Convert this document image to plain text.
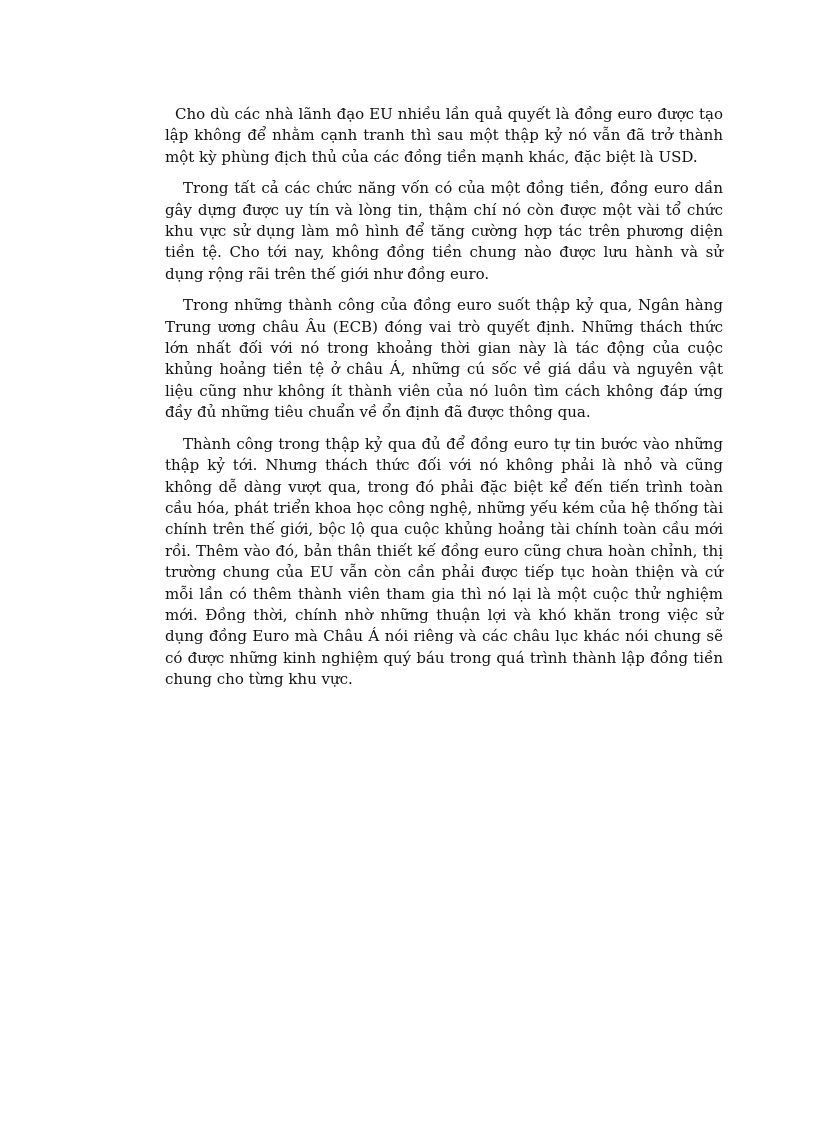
Cho dù các nhà lãnh đạo EU nhiều lần quả quyết là đồng euro được tạo lập không để nhằm cạnh tranh thì sau một thập kỷ nó vẫn đã trở thành một kỳ phùng địch thủ của các đồng tiền mạnh khác, đặc biệt là USD.

Trong tất cả các chức năng vốn có của một đồng tiền, đồng euro dần gây dựng được uy tín và lòng tin, thậm chí nó còn được một vài tổ chức khu vực sử dụng làm mô hình để tăng cường hợp tác trên phương diện tiền tệ. Cho tới nay, không đồng tiền chung nào được lưu hành và sử dụng rộng rãi trên thế giới như đồng euro.

Trong những thành công của đồng euro suốt thập kỷ qua, Ngân hàng Trung ương châu Âu (ECB) đóng vai trò quyết định. Những thách thức lớn nhất đối với nó trong khoảng thời gian này là tác động của cuộc khủng hoảng tiền tệ ở châu Á, những cú sốc về giá dầu và nguyên vật liệu cũng như không ít thành viên của nó luôn tìm cách không đáp ứng đầy đủ những tiêu chuẩn về ổn định đã được thông qua.

Thành công trong thập kỷ qua đủ để đồng euro tự tin bước vào những thập kỷ tới. Nhưng thách thức đối với nó không phải là nhỏ và cũng không dễ dàng vượt qua, trong đó phải đặc biệt kể đến tiến trình toàn cầu hóa, phát triển khoa học công nghệ, những yếu kém của hệ thống tài chính trên thế giới, bộc lộ qua cuộc khủng hoảng tài chính toàn cầu mới rồi. Thêm vào đó, bản thân thiết kế đồng euro cũng chưa hoàn chỉnh, thị trường chung của EU vẫn còn cần phải được tiếp tục hoàn thiện và cứ mỗi lần có thêm thành viên tham gia thì nó lại là một cuộc thử nghiệm mới. Đồng thời, chính nhờ những thuận lợi và khó khăn trong việc sử dụng đồng Euro mà Châu Á nói riêng và các châu lục khác nói chung sẽ có được những kinh nghiệm quý báu trong quá trình thành lập đồng tiền chung cho từng khu vực.
